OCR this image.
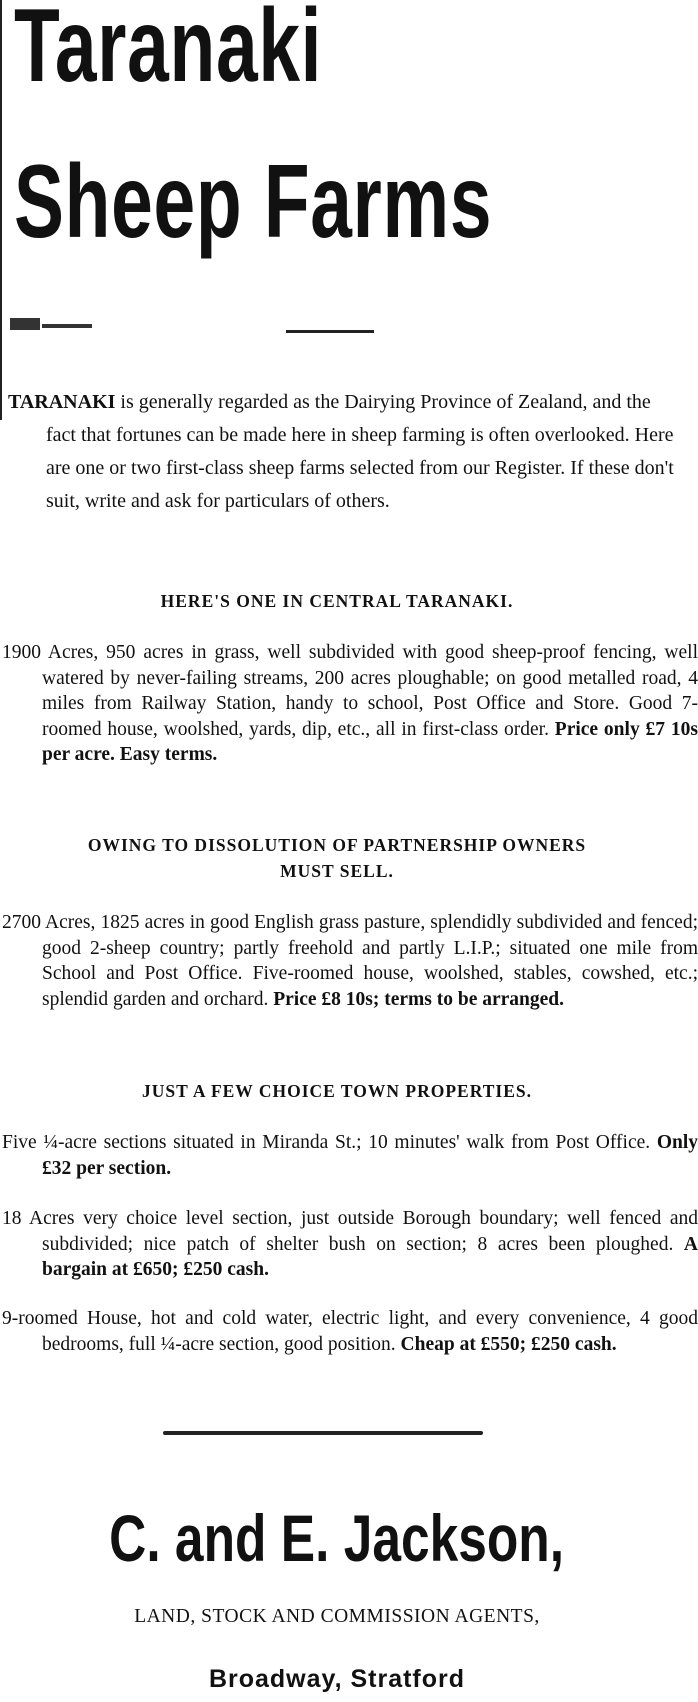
Taranaki
Sheep Farms

TARANAKI is generally regarded as the Dairying Province of Zealand, and the fact that fortunes can be made here in sheep farming is often overlooked. Here are one or two first-class sheep farms selected from our Register. If these don't suit, write and ask for particulars of others.

HERE'S ONE IN CENTRAL TARANAKI.

1900 Acres, 950 acres in grass, well subdivided with good sheep-proof fencing, well watered by never-failing streams, 200 acres ploughable; on good metalled road, 4 miles from Railway Station, handy to school, Post Office and Store. Good 7-roomed house, woolshed, yards, dip, etc., all in first-class order. Price only £7 10s per acre. Easy terms.

OWING TO DISSOLUTION OF PARTNERSHIP OWNERS
MUST SELL.

2700 Acres, 1825 acres in good English grass pasture, splendidly subdivided and fenced; good 2-sheep country; partly freehold and partly L.I.P.; situated one mile from School and Post Office. Five-roomed house, woolshed, stables, cowshed, etc.; splendid garden and orchard. Price £8 10s; terms to be arranged.

JUST A FEW CHOICE TOWN PROPERTIES.

Five ¼-acre sections situated in Miranda St.; 10 minutes' walk from Post Office. Only £32 per section.

18 Acres very choice level section, just outside Borough boundary; well fenced and subdivided; nice patch of shelter bush on section; 8 acres been ploughed. A bargain at £650; £250 cash.

9-roomed House, hot and cold water, electric light, and every convenience, 4 good bedrooms, full ¼-acre section, good position. Cheap at £550; £250 cash.

C. and E. Jackson,

LAND, STOCK AND COMMISSION AGENTS,

Broadway, Stratford
